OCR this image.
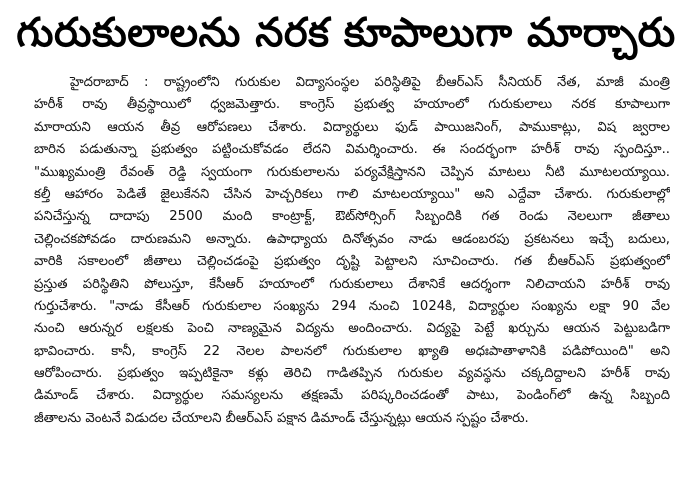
గురుకులాలను నరక కూపాలుగా మార్చారు
హైదరాబాద్ : రాష్ట్రంలోని గురుకుల విద్యాసంస్థల పరిస్థితిపై బీఆర్ఎస్ సీనియర్ నేత, మాజీ మంత్రి
హరీశ్ రావు తీవ్రస్థాయిలో ధ్వజమెత్తారు. కాంగ్రెస్ ప్రభుత్వ హయాంలో గురుకులాలు నరక కూపాలుగా
మారాయని ఆయన తీవ్ర ఆరోపణలు చేశారు. విద్యార్థులు ఫుడ్ పాయిజనింగ్, పాముకాట్లు, విష జ్వరాల
బారిన పడుతున్నా ప్రభుత్వం పట్టించుకోవడం లేదని విమర్శించారు. ఈ సందర్భంగా హరీశ్ రావు స్పందిస్తూ..
"ముఖ్యమంత్రి రేవంత్ రెడ్డి స్వయంగా గురుకులాలను పర్యవేక్షిస్తానని చెప్పిన మాటలు నీటి మూటలయ్యాయి.
కల్తీ ఆహారం పెడితే జైలుకేనని చేసిన హెచ్చరికలు గాలి మాటలయ్యాయి" అని ఎద్దేవా చేశారు. గురుకులాల్లో
పనిచేస్తున్న దాదాపు 2500 మంది కాంట్రాక్ట్, ఔట్‌సోర్సింగ్ సిబ్బందికి గత రెండు నెలలుగా జీతాలు
చెల్లించకపోవడం దారుణమని అన్నారు. ఉపాధ్యాయ దినోత్సవం నాడు ఆడంబరపు ప్రకటనలు ఇచ్చే బదులు,
వారికి సకాలంలో జీతాలు చెల్లించడంపై ప్రభుత్వం దృష్టి పెట్టాలని సూచించారు. గత బీఆర్ఎస్ ప్రభుత్వంలో
ప్రస్తుత పరిస్థితిని పోలుస్తూ, కేసీఆర్ హయాంలో గురుకులాలు దేశానికే ఆదర్శంగా నిలిచాయని హరీశ్ రావు
గుర్తుచేశారు. "నాడు కేసీఆర్ గురుకులాల సంఖ్యను 294 నుంచి 1024కి, విద్యార్థుల సంఖ్యను లక్షా 90 వేల
నుంచి ఆరున్నర లక్షలకు పెంచి నాణ్యమైన విద్యను అందించారు. విద్యపై పెట్టే ఖర్చును ఆయన పెట్టుబడిగా
భావించారు. కానీ, కాంగ్రెస్ 22 నెలల పాలనలో గురుకులాల ఖ్యాతి అధఃపాతాళానికి పడిపోయింది" అని
ఆరోపించారు. ప్రభుత్వం ఇప్పటికైనా కళ్లు తెరిచి గాడితప్పిన గురుకుల వ్యవస్థను చక్కదిద్దాలని హరీశ్ రావు
డిమాండ్ చేశారు. విద్యార్థుల సమస్యలను తక్షణమే పరిష్కరించడంతో పాటు, పెండింగ్‌లో ఉన్న సిబ్బంది
జీతాలను వెంటనే విడుదల చేయాలని బీఆర్ఎస్ పక్షాన డిమాండ్ చేస్తున్నట్లు ఆయన స్పష్టం చేశారు.
